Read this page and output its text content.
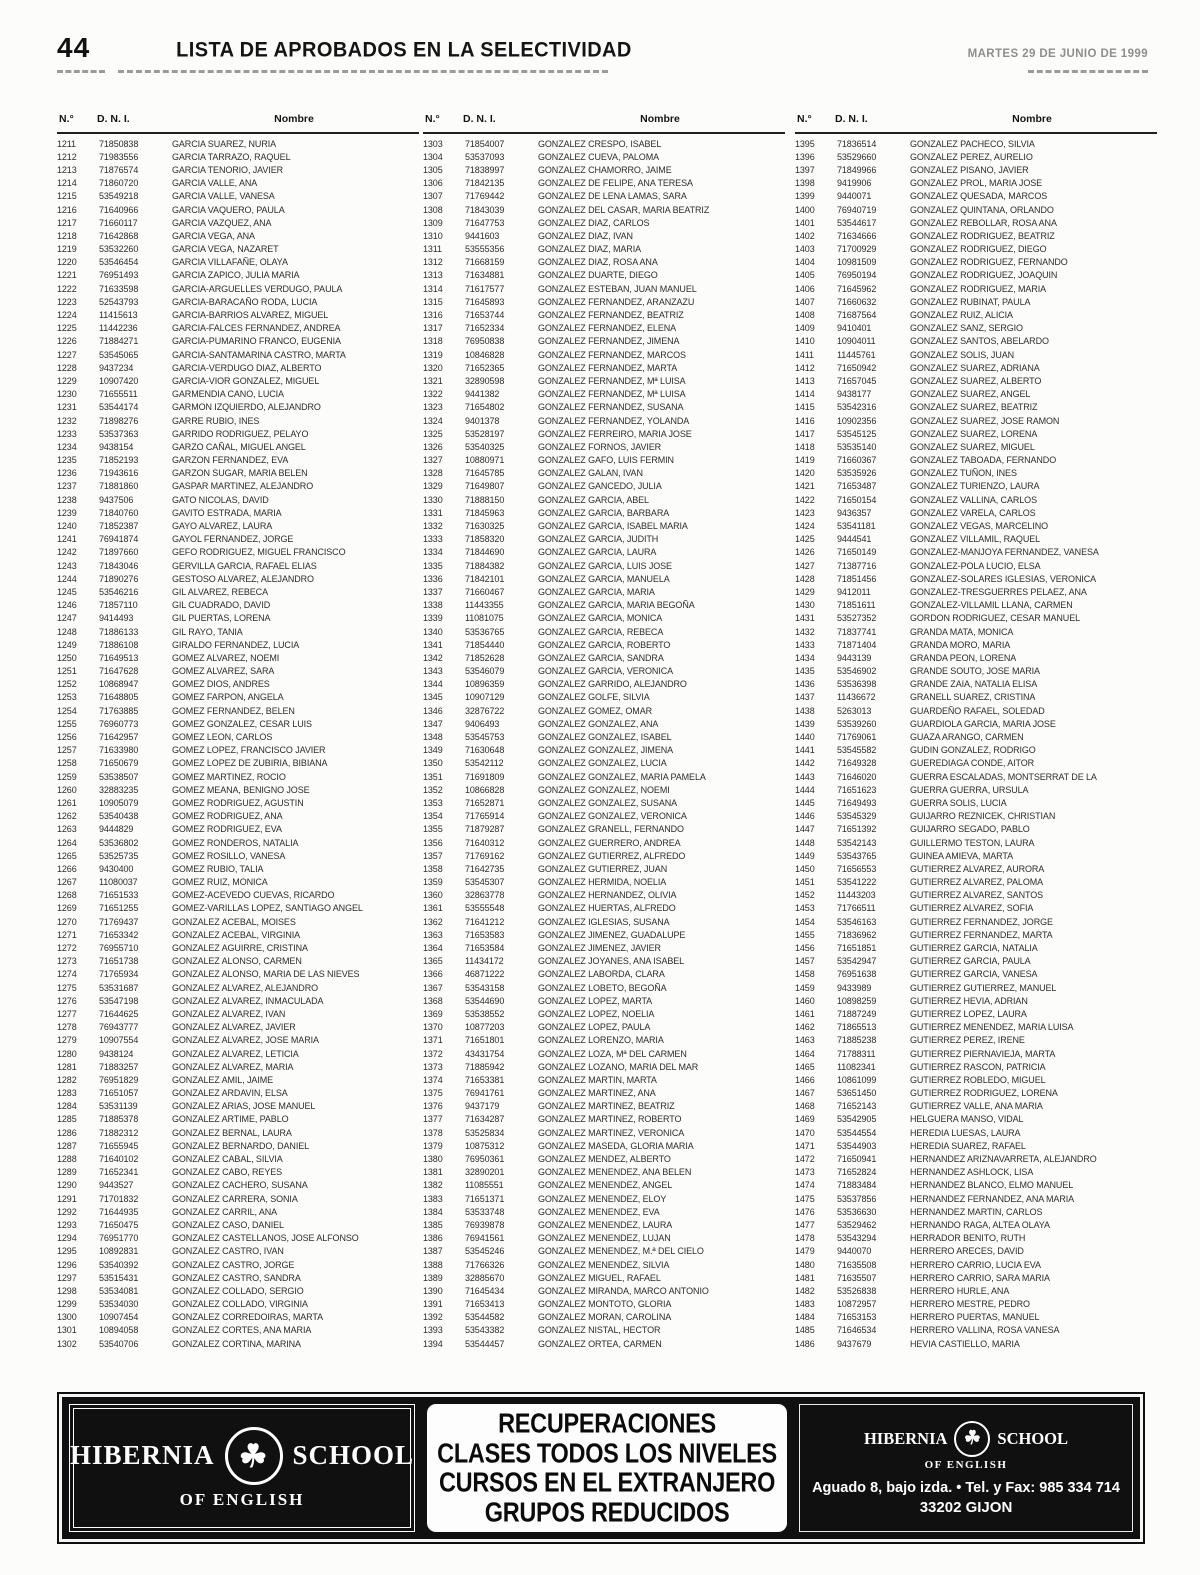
44	LISTA DE APROBADOS EN LA SELECTIVIDAD	MARTES 29 DE JUNIO DE 1999
N.° D. N. I.	Nombre
1211	71850838	GARCIA SUAREZ, NURIA
1212	71983556	GARCIA TARRAZO, RAQUEL
1213	71876574	GARCIA TENORIO, JAVIER
1214	71860720	GARCIA VALLE, ANA
1215	53549218	GARCIA VALLE, VANESA
1216	71640966	GARCIA VAQUERO, PAULA
1217	71660117	GARCIA VAZQUEZ, ANA
1218	71642868	GARCIA VEGA, ANA
1219	53532260	GARCIA VEGA, NAZARET
1220	53546454	GARCIA VILLAFAÑE, OLAYA
1221	76951493	GARCIA ZAPICO, JULIA MARIA
1222	71633598	GARCIA-ARGUELLES VERDUGO, PAULA
1223	52543793	GARCIA-BARACAÑO RODA, LUCIA
1224	11415613	GARCIA-BARRIOS ALVAREZ, MIGUEL
1225	11442236	GARCIA-FALCES FERNANDEZ, ANDREA
1226	71884271	GARCIA-PUMARINO FRANCO, EUGENIA
1227	53545065	GARCIA-SANTAMARINA CASTRO, MARTA
1228	9437234	GARCIA-VERDUGO DIAZ, ALBERTO
1229	10907420	GARCIA-VIOR GONZALEZ, MIGUEL
1230	71655511	GARMENDIA CANO, LUCIA
1231	53544174	GARMON IZQUIERDO, ALEJANDRO
1232	71898276	GARRE RUBIO, INES
1233	53537363	GARRIDO RODRIGUEZ, PELAYO
1234	9438154	GARZO CAÑAL, MIGUEL ANGEL
1235	71852193	GARZON FERNANDEZ, EVA
1236	71943616	GARZON SUGAR, MARIA BELEN
1237	71881860	GASPAR MARTINEZ, ALEJANDRO
1238	9437506	GATO NICOLAS, DAVID
1239	71840760	GAVITO ESTRADA, MARIA
1240	71852387	GAYO ALVAREZ, LAURA
1241	76941874	GAYOL FERNANDEZ, JORGE
1242	71897660	GEFO RODRIGUEZ, MIGUEL FRANCISCO
1243	71843046	GERVILLA GARCIA, RAFAEL ELIAS
1244	71890276	GESTOSO ALVAREZ, ALEJANDRO
1245	53546216	GIL ALVAREZ, REBECA
1246	71857110	GIL CUADRADO, DAVID
1247	9414493	GIL PUERTAS, LORENA
1248	71886133	GIL RAYO, TANIA
1249	71886108	GIRALDO FERNANDEZ, LUCIA
1250	71649513	GOMEZ ALVAREZ, NOEMI
1251	71647628	GOMEZ ALVAREZ, SARA
1252	10868947	GOMEZ DIOS, ANDRES
1253	71648805	GOMEZ FARPON, ANGELA
1254	71763885	GOMEZ FERNANDEZ, BELEN
1255	76960773	GOMEZ GONZALEZ, CESAR LUIS
1256	71642957	GOMEZ LEON, CARLOS
1257	71633980	GOMEZ LOPEZ, FRANCISCO JAVIER
1258	71650679	GOMEZ LOPEZ DE ZUBIRIA, BIBIANA
1259	53538507	GOMEZ MARTINEZ, ROCIO
1260	32883235	GOMEZ MEANA, BENIGNO JOSE
1261	10905079	GOMEZ RODRIGUEZ, AGUSTIN
1262	53540438	GOMEZ RODRIGUEZ, ANA
1263	9444829	GOMEZ RODRIGUEZ, EVA
1264	53536802	GOMEZ RONDEROS, NATALIA
1265	53525735	GOMEZ ROSILLO, VANESA
1266	9430400	GOMEZ RUBIO, TALIA
1267	11080037	GOMEZ RUIZ, MONICA
1268	71651533	GOMEZ-ACEVEDO CUEVAS, RICARDO
1269	71651255	GOMEZ-VARILLAS LOPEZ, SANTIAGO ANGEL
1270	71769437	GONZALEZ ACEBAL, MOISES
1271	71653342	GONZALEZ ACEBAL, VIRGINIA
1272	76955710	GONZALEZ AGUIRRE, CRISTINA
1273	71651738	GONZALEZ ALONSO, CARMEN
1274	71765934	GONZALEZ ALONSO, MARIA DE LAS NIEVES
1275	53531687	GONZALEZ ALVAREZ, ALEJANDRO
1276	53547198	GONZALEZ ALVAREZ, INMACULADA
1277	71644625	GONZALEZ ALVAREZ, IVAN
1278	76943777	GONZALEZ ALVAREZ, JAVIER
1279	10907554	GONZALEZ ALVAREZ, JOSE MARIA
1280	9438124	GONZALEZ ALVAREZ, LETICIA
1281	71883257	GONZALEZ ALVAREZ, MARIA
1282	76951829	GONZALEZ AMIL, JAIME
1283	71651057	GONZALEZ ARDAVIN, ELSA
1284	53531139	GONZALEZ ARIAS, JOSE MANUEL
1285	71885378	GONZALEZ ARTIME, PABLO
1286	71882312	GONZALEZ BERNAL, LAURA
1287	71655945	GONZALEZ BERNARDO, DANIEL
1288	71640102	GONZALEZ CABAL, SILVIA
1289	71652341	GONZALEZ CABO, REYES
1290	9443527	GONZALEZ CACHERO, SUSANA
1291	71701832	GONZALEZ CARRERA, SONIA
1292	71644935	GONZALEZ CARRIL, ANA
1293	71650475	GONZALEZ CASO, DANIEL
1294	76951770	GONZALEZ CASTELLANOS, JOSE ALFONSO
1295	10892831	GONZALEZ CASTRO, IVAN
1296	53540392	GONZALEZ CASTRO, JORGE
1297	53515431	GONZALEZ CASTRO, SANDRA
1298	53534081	GONZALEZ COLLADO, SERGIO
1299	53534030	GONZALEZ COLLADO, VIRGINIA
1300	10907454	GONZALEZ CORREDOIRAS, MARTA
1301	10894058	GONZALEZ CORTES, ANA MARIA
1302	53540706	GONZALEZ CORTINA, MARINA
N.° D. N. I.	Nombre
1303	71854007	GONZALEZ CRESPO, ISABEL
1304	53537093	GONZALEZ CUEVA, PALOMA
1305	71838997	GONZALEZ CHAMORRO, JAIME
1306	71842135	GONZALEZ DE FELIPE, ANA TERESA
1307	71769442	GONZALEZ DE LENA LAMAS, SARA
1308	71843039	GONZALEZ DEL CASAR, MARIA BEATRIZ
1309	71647753	GONZALEZ DIAZ, CARLOS
1310	9441603	GONZALEZ DIAZ, IVAN
1311	53555356	GONZALEZ DIAZ, MARIA
1312	71668159	GONZALEZ DIAZ, ROSA ANA
1313	71634881	GONZALEZ DUARTE, DIEGO
1314	71617577	GONZALEZ ESTEBAN, JUAN MANUEL
1315	71645893	GONZALEZ FERNANDEZ, ARANZAZU
1316	71653744	GONZALEZ FERNANDEZ, BEATRIZ
1317	71652334	GONZALEZ FERNANDEZ, ELENA
1318	76950838	GONZALEZ FERNANDEZ, JIMENA
1319	10846828	GONZALEZ FERNANDEZ, MARCOS
1320	71652365	GONZALEZ FERNANDEZ, MARTA
1321	32890598	GONZALEZ FERNANDEZ, Mª LUISA
1322	9441382	GONZALEZ FERNANDEZ, Mª LUISA
1323	71654802	GONZALEZ FERNANDEZ, SUSANA
1324	9401378	GONZALEZ FERNANDEZ, YOLANDA
1325	53528197	GONZALEZ FERREIRO, MARIA JOSE
1326	53540325	GONZALEZ FORNOS, JAVIER
1327	10880971	GONZALEZ GAFO, LUIS FERMIN
1328	71645785	GONZALEZ GALAN, IVAN
1329	71649807	GONZALEZ GANCEDO, JULIA
1330	71888150	GONZALEZ GARCIA, ABEL
1331	71845963	GONZALEZ GARCIA, BARBARA
1332	71630325	GONZALEZ GARCIA, ISABEL MARIA
1333	71858320	GONZALEZ GARCIA, JUDITH
1334	71844690	GONZALEZ GARCIA, LAURA
1335	71884382	GONZALEZ GARCIA, LUIS JOSE
1336	71842101	GONZALEZ GARCIA, MANUELA
1337	71660467	GONZALEZ GARCIA, MARIA
1338	11443355	GONZALEZ GARCIA, MARIA BEGOÑA
1339	11081075	GONZALEZ GARCIA, MONICA
1340	53536765	GONZALEZ GARCIA, REBECA
1341	71854440	GONZALEZ GARCIA, ROBERTO
1342	71852628	GONZALEZ GARCIA, SANDRA
1343	53546079	GONZALEZ GARCIA, VERONICA
1344	10896359	GONZALEZ GARRIDO, ALEJANDRO
1345	10907129	GONZALEZ GOLFE, SILVIA
1346	32876722	GONZALEZ GOMEZ, OMAR
1347	9406493	GONZALEZ GONZALEZ, ANA
1348	53545753	GONZALEZ GONZALEZ, ISABEL
1349	71630648	GONZALEZ GONZALEZ, JIMENA
1350	53542112	GONZALEZ GONZALEZ, LUCIA
1351	71691809	GONZALEZ GONZALEZ, MARIA PAMELA
1352	10866828	GONZALEZ GONZALEZ, NOEMI
1353	71652871	GONZALEZ GONZALEZ, SUSANA
1354	71765914	GONZALEZ GONZALEZ, VERONICA
1355	71879287	GONZALEZ GRANELL, FERNANDO
1356	71640312	GONZALEZ GUERRERO, ANDREA
1357	71769162	GONZALEZ GUTIERREZ, ALFREDO
1358	71642735	GONZALEZ GUTIERREZ, JUAN
1359	53545307	GONZALEZ HERMIDA, NOELIA
1360	32863778	GONZALEZ HERNANDEZ, OLIVIA
1361	53555548	GONZALEZ HUERTAS, ALFREDO
1362	71641212	GONZALEZ IGLESIAS, SUSANA
1363	71653583	GONZALEZ JIMENEZ, GUADALUPE
1364	71653584	GONZALEZ JIMENEZ, JAVIER
1365	11434172	GONZALEZ JOYANES, ANA ISABEL
1366	46871222	GONZALEZ LABORDA, CLARA
1367	53543158	GONZALEZ LOBETO, BEGOÑA
1368	53544690	GONZALEZ LOPEZ, MARTA
1369	53538552	GONZALEZ LOPEZ, NOELIA
1370	10877203	GONZALEZ LOPEZ, PAULA
1371	71651801	GONZALEZ LORENZO, MARIA
1372	43431754	GONZALEZ LOZA, Mª DEL CARMEN
1373	71885942	GONZALEZ LOZANO, MARIA DEL MAR
1374	71653381	GONZALEZ MARTIN, MARTA
1375	76941761	GONZALEZ MARTINEZ, ANA
1376	9437179	GONZALEZ MARTINEZ, BEATRIZ
1377	71634287	GONZALEZ MARTINEZ, ROBERTO
1378	53525834	GONZALEZ MARTINEZ, VERONICA
1379	10875312	GONZALEZ MASEDA, GLORIA MARIA
1380	76950361	GONZALEZ MENDEZ, ALBERTO
1381	32890201	GONZALEZ MENENDEZ, ANA BELEN
1382	11085551	GONZALEZ MENENDEZ, ANGEL
1383	71651371	GONZALEZ MENENDEZ, ELOY
1384	53533748	GONZALEZ MENENDEZ, EVA
1385	76939878	GONZALEZ MENENDEZ, LAURA
1386	76941561	GONZALEZ MENENDEZ, LUJAN
1387	53545246	GONZALEZ MENENDEZ, M.ª DEL CIELO
1388	71766326	GONZALEZ MENENDEZ, SILVIA
1389	32885670	GONZALEZ MIGUEL, RAFAEL
1390	71645434	GONZALEZ MIRANDA, MARCO ANTONIO
1391	71653413	GONZALEZ MONTOTO, GLORIA
1392	53544582	GONZALEZ MORAN, CAROLINA
1393	53543382	GONZALEZ NISTAL, HECTOR
1394	53544457	GONZALEZ ORTEA, CARMEN
N.° D. N. I.	Nombre
1395	71836514	GONZALEZ PACHECO, SILVIA
1396	53529660	GONZALEZ PEREZ, AURELIO
1397	71849966	GONZALEZ PISANO, JAVIER
1398	9419906	GONZALEZ PROL, MARIA JOSE
1399	9440071	GONZALEZ QUESADA, MARCOS
1400	76940719	GONZALEZ QUINTANA, ORLANDO
1401	53544617	GONZALEZ REBOLLAR, ROSA ANA
1402	71634666	GONZALEZ RODRIGUEZ, BEATRIZ
1403	71700929	GONZALEZ RODRIGUEZ, DIEGO
1404	10981509	GONZALEZ RODRIGUEZ, FERNANDO
1405	76950194	GONZALEZ RODRIGUEZ, JOAQUIN
1406	71645962	GONZALEZ RODRIGUEZ, MARIA
1407	71660632	GONZALEZ RUBINAT, PAULA
1408	71687564	GONZALEZ RUIZ, ALICIA
1409	9410401	GONZALEZ SANZ, SERGIO
1410	10904011	GONZALEZ SANTOS, ABELARDO
1411	11445761	GONZALEZ SOLIS, JUAN
1412	71650942	GONZALEZ SUAREZ, ADRIANA
1413	71657045	GONZALEZ SUAREZ, ALBERTO
1414	9438177	GONZALEZ SUAREZ, ANGEL
1415	53542316	GONZALEZ SUAREZ, BEATRIZ
1416	10902356	GONZALEZ SUAREZ, JOSE RAMON
1417	53545125	GONZALEZ SUAREZ, LORENA
1418	53535140	GONZALEZ SUAREZ, MIGUEL
1419	71660367	GONZALEZ TABOADA, FERNANDO
1420	53535926	GONZALEZ TUÑON, INES
1421	71653487	GONZALEZ TURIENZO, LAURA
1422	71650154	GONZALEZ VALLINA, CARLOS
1423	9436357	GONZALEZ VARELA, CARLOS
1424	53541181	GONZALEZ VEGAS, MARCELINO
1425	9444541	GONZALEZ VILLAMIL, RAQUEL
1426	71650149	GONZALEZ-MANJOYA FERNANDEZ, VANESA
1427	71387716	GONZALEZ-POLA LUCIO, ELSA
1428	71851456	GONZALEZ-SOLARES IGLESIAS, VERONICA
1429	9412011	GONZALEZ-TRESGUERRES PELAEZ, ANA
1430	71851611	GONZALEZ-VILLAMIL LLANA, CARMEN
1431	53527352	GORDON RODRIGUEZ, CESAR MANUEL
1432	71837741	GRANDA MATA, MONICA
1433	71871404	GRANDA MORO, MARIA
1434	9443139	GRANDA PEON, LORENA
1435	53546902	GRANDE SOUTO, JOSE MARIA
1436	53536398	GRANDE ZAIA, NATALIA ELISA
1437	11436672	GRANELL SUAREZ, CRISTINA
1438	5263013	GUARDEÑO RAFAEL, SOLEDAD
1439	53539260	GUARDIOLA GARCIA, MARIA JOSE
1440	71769061	GUAZA ARANGO, CARMEN
1441	53545582	GUDIN GONZALEZ, RODRIGO
1442	71649328	GUEREDIAGA CONDE, AITOR
1443	71646020	GUERRA ESCALADAS, MONTSERRAT DE LA
1444	71651623	GUERRA GUERRA, URSULA
1445	71649493	GUERRA SOLIS, LUCIA
1446	53545329	GUIJARRO REZNICEK, CHRISTIAN
1447	71651392	GUIJARRO SEGADO, PABLO
1448	53542143	GUILLERMO TESTON, LAURA
1449	53543765	GUINEA AMIEVA, MARTA
1450	71656553	GUTIERREZ ALVAREZ, AURORA
1451	53541222	GUTIERREZ ALVAREZ, PALOMA
1452	11443203	GUTIERREZ ALVAREZ, SANTOS
1453	71766511	GUTIERREZ ALVAREZ, SOFIA
1454	53546163	GUTIERREZ FERNANDEZ, JORGE
1455	71836962	GUTIERREZ FERNANDEZ, MARTA
1456	71651851	GUTIERREZ GARCIA, NATALIA
1457	53542947	GUTIERREZ GARCIA, PAULA
1458	76951638	GUTIERREZ GARCIA, VANESA
1459	9433989	GUTIERREZ GUTIERREZ, MANUEL
1460	10898259	GUTIERREZ HEVIA, ADRIAN
1461	71887249	GUTIERREZ LOPEZ, LAURA
1462	71865513	GUTIERREZ MENENDEZ, MARIA LUISA
1463	71885238	GUTIERREZ PEREZ, IRENE
1464	71788311	GUTIERREZ PIERNAVIEJA, MARTA
1465	11082341	GUTIERREZ RASCON, PATRICIA
1466	10861099	GUTIERREZ ROBLEDO, MIGUEL
1467	53651450	GUTIERREZ RODRIGUEZ, LORENA
1468	71652143	GUTIERREZ VALLE, ANA MARIA
1469	53542905	HELGUERA MANSO, VIDAL
1470	53544554	HEREDIA LUESAS, LAURA
1471	53544903	HEREDIA SUAREZ, RAFAEL
1472	71650941	HERNANDEZ ARIZNAVARRETA, ALEJANDRO
1473	71652824	HERNANDEZ ASHLOCK, LISA
1474	71883484	HERNANDEZ BLANCO, ELMO MANUEL
1475	53537856	HERNANDEZ FERNANDEZ, ANA MARIA
1476	53536630	HERNANDEZ MARTIN, CARLOS
1477	53529462	HERNANDO RAGA, ALTEA OLAYA
1478	53543294	HERRADOR BENITO, RUTH
1479	9440070	HERRERO ARECES, DAVID
1480	71635508	HERRERO CARRIO, LUCIA EVA
1481	71635507	HERRERO CARRIO, SARA MARIA
1482	53526838	HERRERO HURLE, ANA
1483	10872957	HERRERO MESTRE, PEDRO
1484	71653153	HERRERO PUERTAS, MANUEL
1485	71646534	HERRERO VALLINA, ROSA VANESA
1486	9437679	HEVIA CASTIELLO, MARIA
HIBERNIA ☘ SCHOOL
OF ENGLISH
RECUPERACIONES
CLASES TODOS LOS NIVELES
CURSOS EN EL EXTRANJERO
GRUPOS REDUCIDOS
HIBERNIA ☘ SCHOOL
OF ENGLISH
Aguado 8, bajo izda. • Tel. y Fax: 985 334 714
33202 GIJON
